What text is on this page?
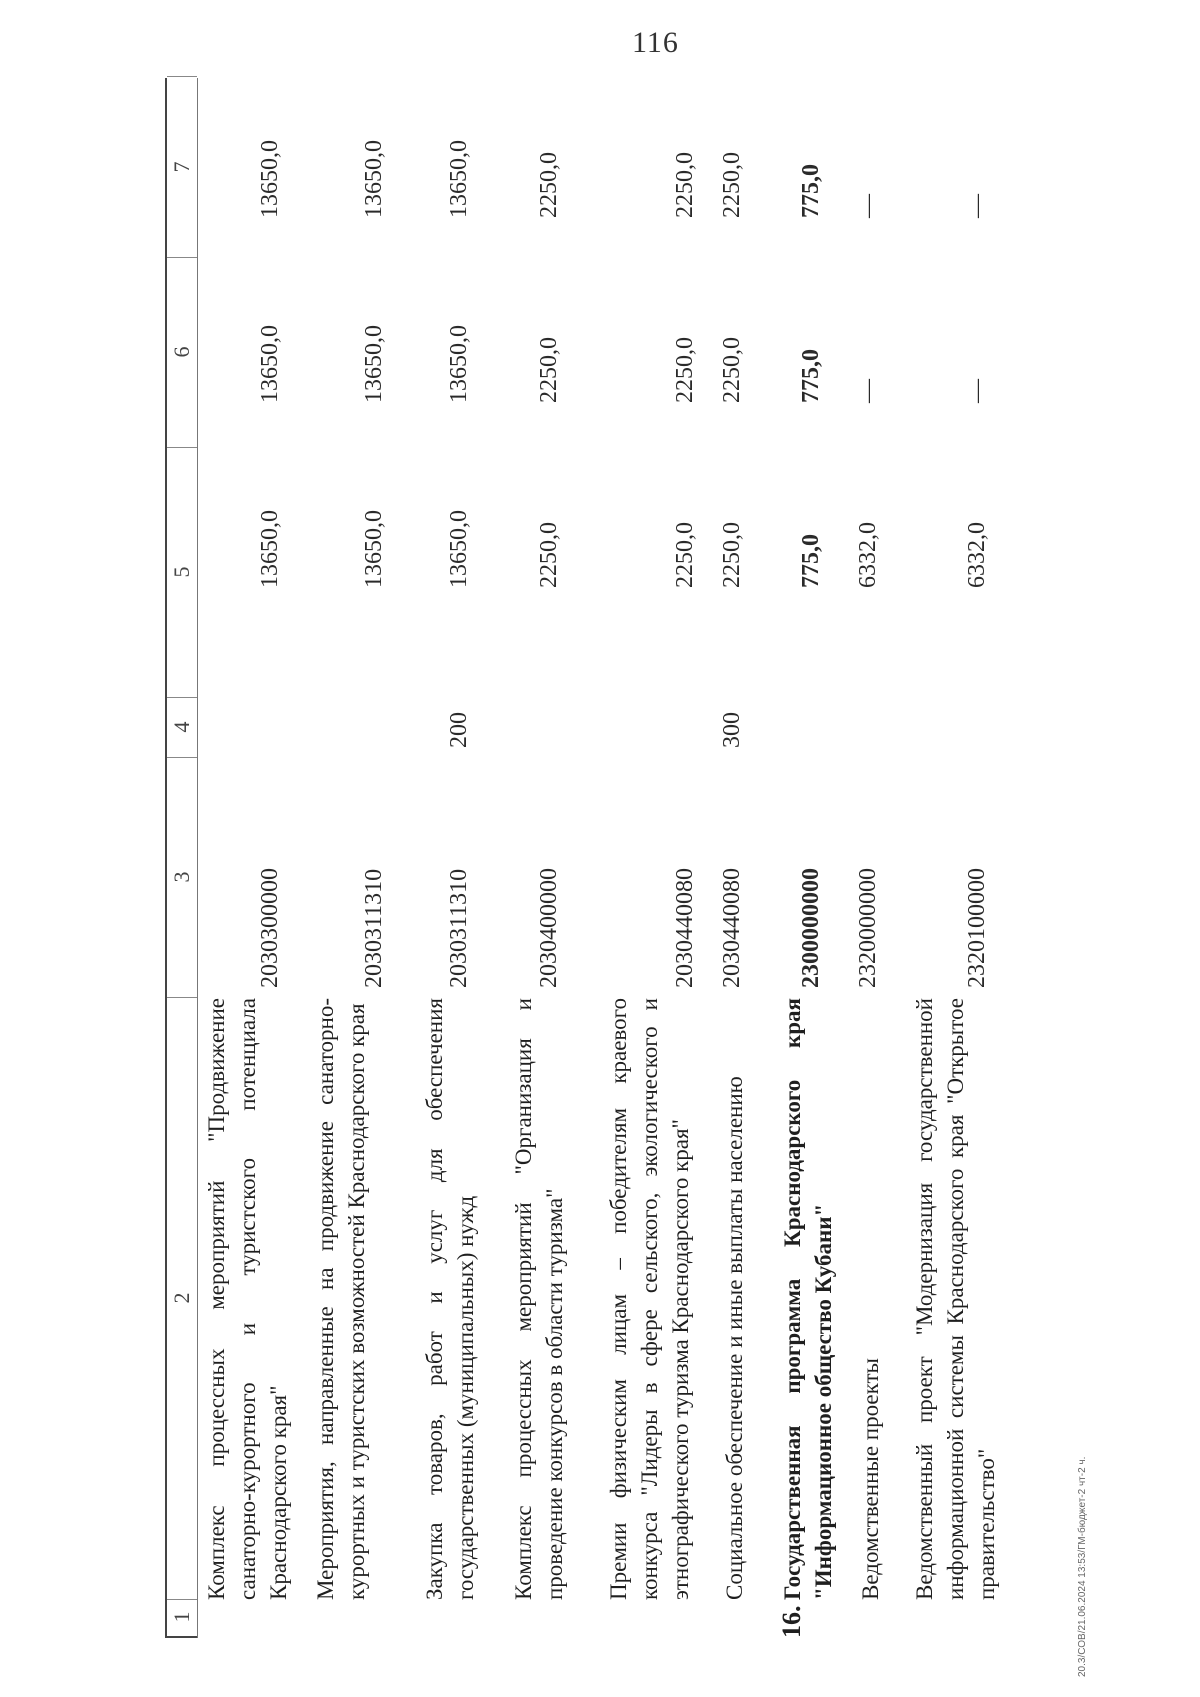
116
1
2
3
4
5
6
7
Комплекс процессных мероприятий "Продвижение санаторно-курортного и туристского потенциала Краснодарского края"
2030300000
13650,0
13650,0
13650,0
Мероприятия, направленные на продвижение санаторно-курортных и туристских возможностей Краснодарского края
2030311310
13650,0
13650,0
13650,0
Закупка товаров, работ и услуг для обеспечения государственных (муниципальных) нужд
2030311310
200
13650,0
13650,0
13650,0
Комплекс процессных мероприятий "Организация и проведение конкурсов в области туризма"
2030400000
2250,0
2250,0
2250,0
Премии физическим лицам – победителям краевого конкурса "Лидеры в сфере сельского, экологического и этнографического туризма Краснодарского края"
2030440080
2250,0
2250,0
2250,0
Социальное обеспечение и иные выплаты населению
2030440080
300
2250,0
2250,0
2250,0
16.
Государственная программа Краснодарского края "Информационное общество Кубани"
2300000000
775,0
775,0
775,0
Ведомственные проекты
2320000000
6332,0
—
—
Ведомственный проект "Модернизация государственной информационной системы Краснодарского края "Открытое правительство"
2320100000
6332,0
—
—
20.3/СОВ/21.06.2024 13:53/ГМ-бюджет-2 чт-2 ч.
